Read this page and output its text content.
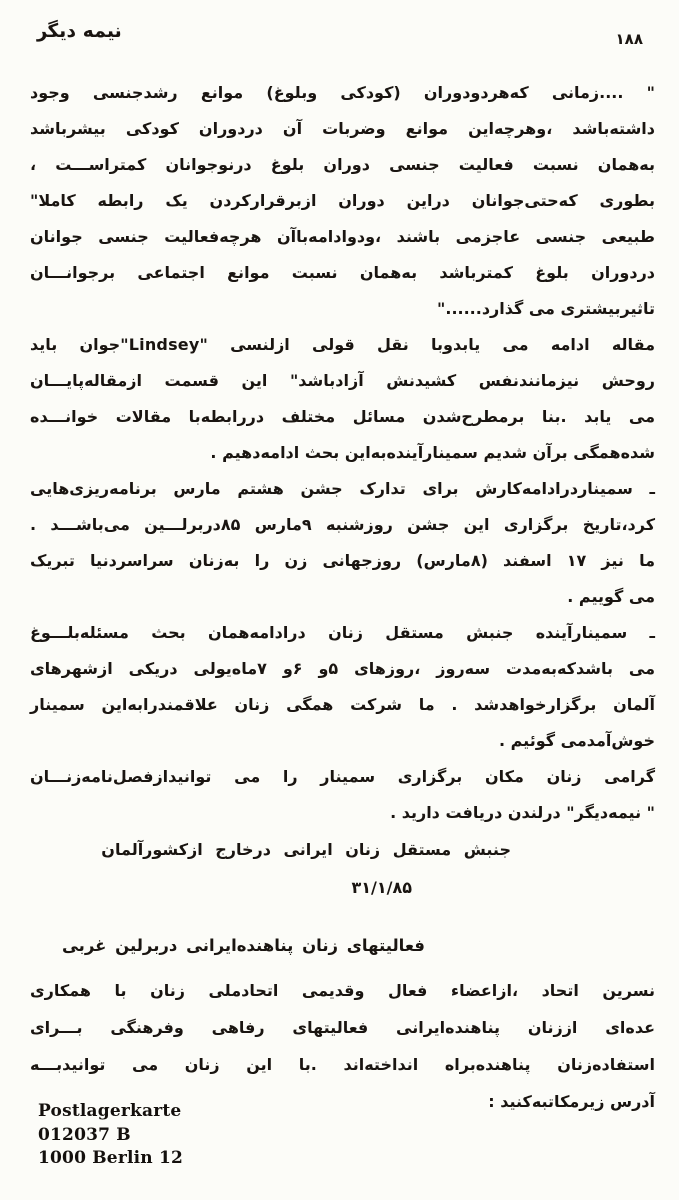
نیمه دیگر	۱۸۸
" ....زمانی که‌هردودوران (کودکی وبلوغ) موانع رشدجنسی وجود
داشته‌باشد ،وهرچه‌این موانع وضربات آن دردوران کودکی بیشرباشد
به‌همان نسبت فعالیت جنسی دوران بلوغ درنوجوانان کمتراســـت ،
بطوری که‌حتی‌جوانان دراین دوران ازبرقرارکردن یک رابطه کاملا"
طبیعی جنسی عاجزمی باشند ،ودوادامه‌باآن هرچه‌فعالیت جنسی جوانان
دردوران بلوغ کمترباشد به‌همان نسبت موانع اجتماعی برجوانـــان
تاثیربیشتری می گذارد......"
مقاله ادامه می یابدوبا نقل قولی ازلنسی "Lindsey"جوان باید
روحش نیزمانندنفس کشیدنش آزادباشد" این قسمت ازمقاله‌پایـــان
می یابد .بنا برمطرح‌شدن مسائل مختلف دررابطه‌با مقالات خوانـــده
شده‌همگی برآن شدیم سمینارآینده‌به‌این بحث ادامه‌دهیم .
ـ سمیناردرادامه‌کارش برای تدارک جشن هشتم مارس برنامه‌ریزی‌هایی
کرد،تاریخ برگزاری این جشن روزشنبه ۹مارس ۸۵دربرلـــین می‌باشـــد .
ما نیز ۱۷ اسفند (۸مارس) روزجهانی زن را به‌زنان سراسردنیا تبریک
می گوییم .
ـ سمینارآینده جنبش مستقل زنان درادامه‌همان بحث مسئله‌بلـــوغ
می باشدکه‌به‌مدت سه‌روز ،روزهای ۵و ۶و ۷ماه‌یولی دریکی ازشهرهای
آلمان برگزارخواهدشد . ما شرکت همگی زنان علاقمندرابه‌این سمینار
خوش‌آمدمی گوئیم .
گرامی زنان مکان برگزاری سمینار را می توانیدازفصل‌نامه‌زنـــان
" نیمه‌دیگر" درلندن دریافت دارید .
جنبش مستقل زنان ایرانی درخارج ازکشورآلمان
۳۱/۱/۸۵
فعالیتهای زنان پناهنده‌ایرانی دربرلین غربی
نسرین اتحاد ،ازاعضاء فعال وقدیمی اتحادملی زنان با همکاری
عده‌ای اززنان پناهنده‌ایرانی فعالیتهای رفاهی وفرهنگی بـــرای
استفاده‌زنان پناهنده‌براه انداخته‌اند .با این زنان می توانیدبـــه
آدرس زیرمکاتبه‌کنید :
Postlagerkarte
012037 B
1000 Berlin 12
